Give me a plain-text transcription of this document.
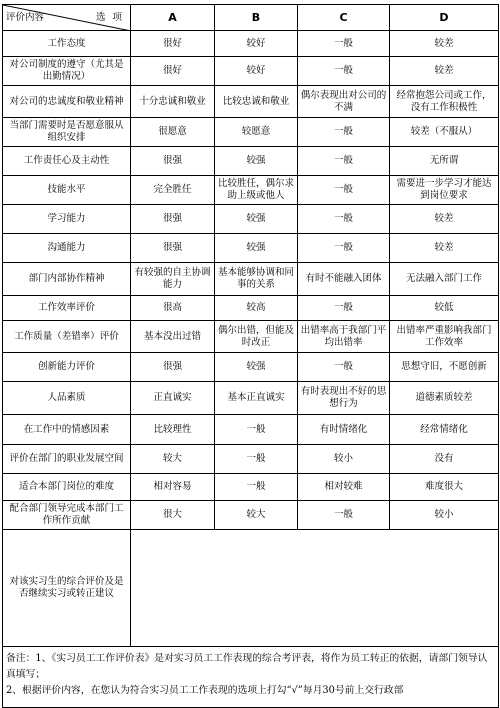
评价内容 选 项	A	B	C	D
工作态度	很好	较好	一般	较差
对公司制度的遵守（尤其是出勤情况）	很好	较好	一般	较差
对公司的忠诚度和敬业精神	十分忠诚和敬业	比较忠诚和敬业	偶尔表现出对公司的不满	经常抱怨公司或工作，没有工作积极性
当部门需要时是否愿意服从组织安排	很愿意	较愿意	一般	较差（不服从）
工作责任心及主动性	很强	较强	一般	无所谓
技能水平	完全胜任	比较胜任，偶尔求助上级或他人	一般	需要进一步学习才能达到岗位要求
学习能力	很强	较强	一般	较差
沟通能力	很强	较强	一般	较差
部门内部协作精神	有较强的自主协调能力	基本能够协调和同事的关系	有时不能融入团体	无法融入部门工作
工作效率评价	很高	较高	一般	较低
工作质量（差错率）评价	基本没出过错	偶尔出错，但能及时改正	出错率高于我部门平均出错率	出错率严重影响我部门工作效率
创新能力评价	很强	较强	一般	思想守旧，不愿创新
人品素质	正直诚实	基本正直诚实	有时表现出不好的思想行为	道德素质较差
在工作中的情感因素	比较理性	一般	有时情绪化	经常情绪化
评价在部门的职业发展空间	较大	一般	较小	没有
适合本部门岗位的难度	相对容易	一般	相对较难	难度很大
配合部门领导完成本部门工作所作贡献	很大	较大	一般	较小
对该实习生的综合评价及是否继续实习或转正建议				

备注：1、《实习员工工作评价表》是对实习员工工作表现的综合考评表，将作为员工转正的依据，请部门领导认真填写；
2、根据评价内容，在您认为符合实习员工工作表现的选项上打勾“√”每月30号前上交行政部				
